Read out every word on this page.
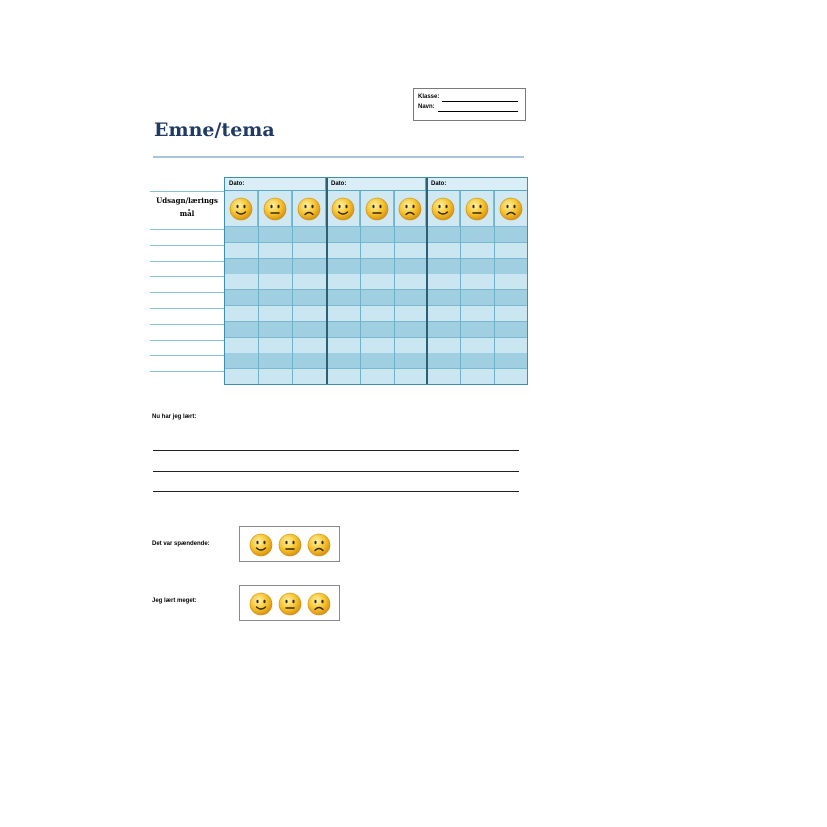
Klasse:
Navn:
Emne/tema
Udsagn/lærings mål
Dato:	Dato:	Dato:
Nu har jeg lært:
Det var spændende:
Jeg lært meget:
